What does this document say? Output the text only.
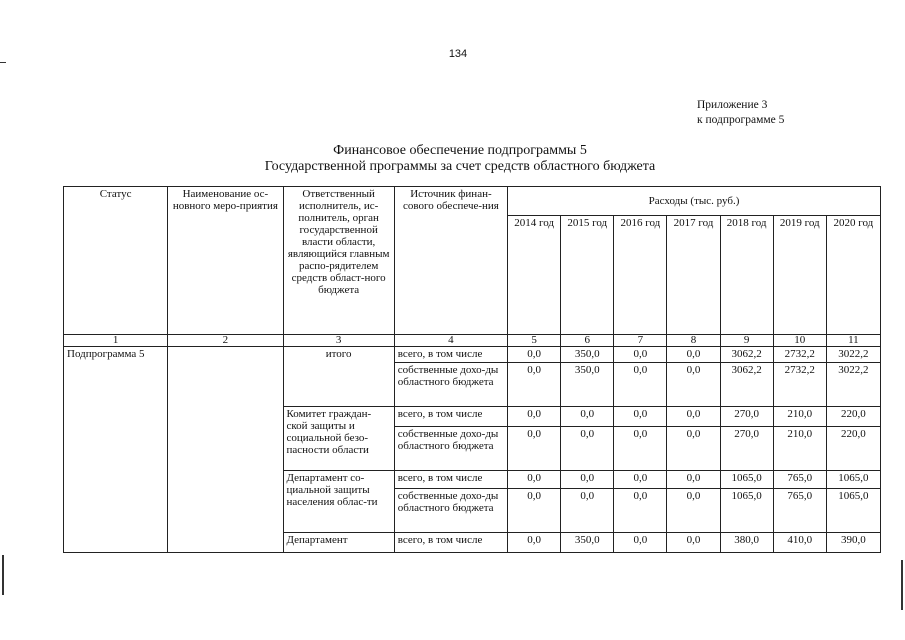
134
Приложение 3
к подпрограмме 5
Финансовое обеспечение подпрограммы 5
Государственной программы за счет средств областного бюджета
Статус	Наименование ос-новного меро-приятия	Ответственный исполнитель, ис-полнитель, орган государственной власти области, являющийся главным распо-рядителем средств област-ного бюджета	Источник финан-сового обеспече-ния	Расходы (тыс. руб.)						
				2014 год	2015 год	2016 год	2017 год	2018 год	2019 год	2020 год
1	2	3	4	5	6	7	8	9	10	11
Подпрограмма 5		итого	всего, в том числе	0,0	350,0	0,0	0,0	3062,2	2732,2	3022,2
			собственные дохо-ды областного бюджета	0,0	350,0	0,0	0,0	3062,2	2732,2	3022,2
		Комитет граждан-ской защиты и социальной безо-пасности области	всего, в том числе	0,0	0,0	0,0	0,0	270,0	210,0	220,0
			собственные дохо-ды областного бюджета	0,0	0,0	0,0	0,0	270,0	210,0	220,0
		Департамент со-циальной защиты населения облас-ти	всего, в том числе	0,0	0,0	0,0	0,0	1065,0	765,0	1065,0
			собственные дохо-ды областного бюджета	0,0	0,0	0,0	0,0	1065,0	765,0	1065,0
		Департамент	всего, в том числе	0,0	350,0	0,0	0,0	380,0	410,0	390,0
